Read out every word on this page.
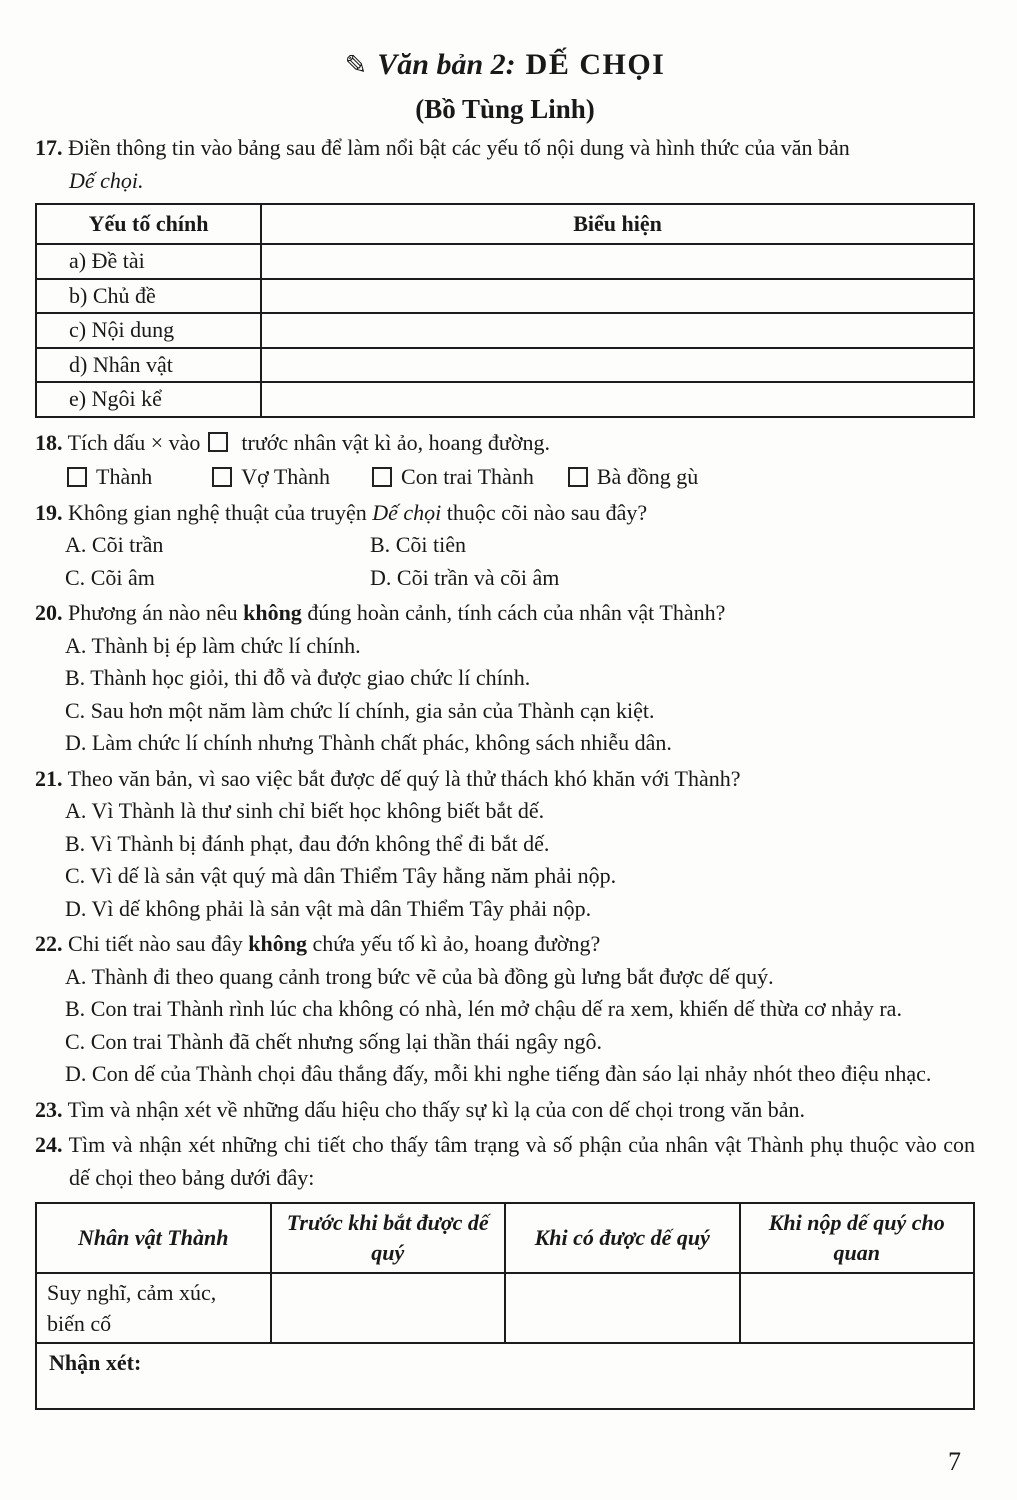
✎ Văn bản 2: DẾ CHỌI
(Bồ Tùng Linh)
17. Điền thông tin vào bảng sau để làm nổi bật các yếu tố nội dung và hình thức của văn bản
Dế chọi.
Yếu tố chính	Biểu hiện
a) Đề tài	
b) Chủ đề	
c) Nội dung	
d) Nhân vật	
e) Ngôi kể	
18. Tích dấu × vào trước nhân vật kì ảo, hoang đường.
Thành	Vợ Thành	Con trai Thành	Bà đồng gù
19. Không gian nghệ thuật của truyện Dế chọi thuộc cõi nào sau đây?
A. Cõi trần	B. Cõi tiên
C. Cõi âm	D. Cõi trần và cõi âm
20. Phương án nào nêu không đúng hoàn cảnh, tính cách của nhân vật Thành?
A. Thành bị ép làm chức lí chính.
B. Thành học giỏi, thi đỗ và được giao chức lí chính.
C. Sau hơn một năm làm chức lí chính, gia sản của Thành cạn kiệt.
D. Làm chức lí chính nhưng Thành chất phác, không sách nhiễu dân.
21. Theo văn bản, vì sao việc bắt được dế quý là thử thách khó khăn với Thành?
A. Vì Thành là thư sinh chỉ biết học không biết bắt dế.
B. Vì Thành bị đánh phạt, đau đớn không thể đi bắt dế.
C. Vì dế là sản vật quý mà dân Thiểm Tây hằng năm phải nộp.
D. Vì dế không phải là sản vật mà dân Thiểm Tây phải nộp.
22. Chi tiết nào sau đây không chứa yếu tố kì ảo, hoang đường?
A. Thành đi theo quang cảnh trong bức vẽ của bà đồng gù lưng bắt được dế quý.
B. Con trai Thành rình lúc cha không có nhà, lén mở chậu dế ra xem, khiến dế thừa cơ nhảy ra.
C. Con trai Thành đã chết nhưng sống lại thần thái ngây ngô.
D. Con dế của Thành chọi đâu thắng đấy, mỗi khi nghe tiếng đàn sáo lại nhảy nhót theo điệu nhạc.
23. Tìm và nhận xét về những dấu hiệu cho thấy sự kì lạ của con dế chọi trong văn bản.
24. Tìm và nhận xét những chi tiết cho thấy tâm trạng và số phận của nhân vật Thành phụ thuộc vào con dế chọi theo bảng dưới đây:
Nhân vật Thành	Trước khi bắt được dế quý	Khi có được dế quý	Khi nộp dế quý cho quan
Suy nghĩ, cảm xúc, biến cố			
Nhận xét:			
7
